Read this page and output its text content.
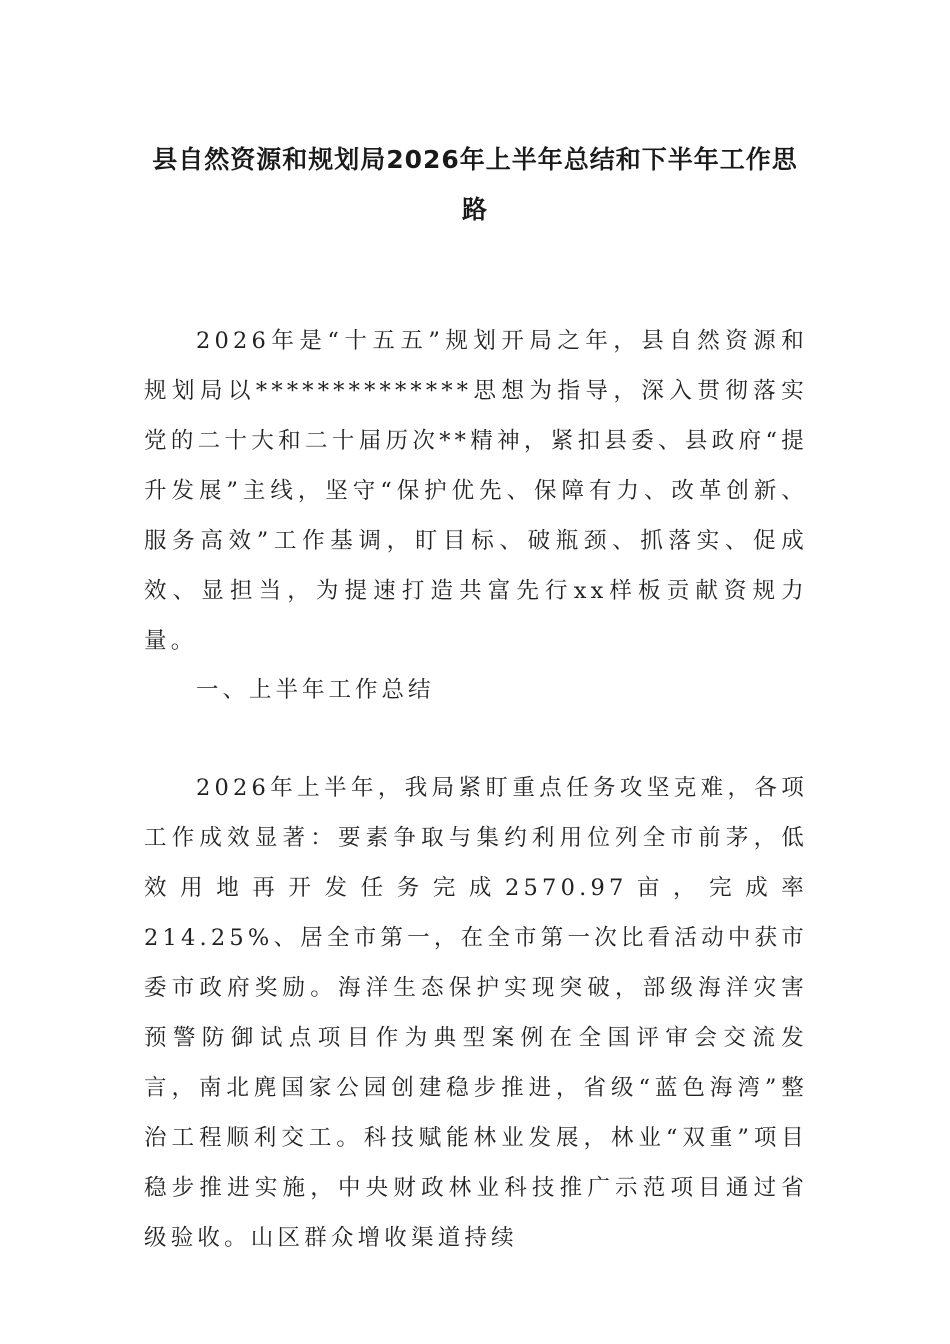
县自然资源和规划局2026年上半年总结和下半年工作思路

2026年是“十五五”规划开局之年，县自然资源和规划局以**************思想为指导，深入贯彻落实党的二十大和二十届历次**精神，紧扣县委、县政府“提升发展”主线，坚守“保护优先、保障有力、改革创新、服务高效”工作基调，盯目标、破瓶颈、抓落实、促成效、显担当，为提速打造共富先行xx样板贡献资规力量。

一、上半年工作总结

2026年上半年，我局紧盯重点任务攻坚克难，各项工作成效显著：要素争取与集约利用位列全市前茅，低效用地再开发任务完成2570.97亩，完成率214.25%、居全市第一，在全市第一次比看活动中获市委市政府奖励。海洋生态保护实现突破，部级海洋灾害预警防御试点项目作为典型案例在全国评审会交流发言，南北麂国家公园创建稳步推进，省级“蓝色海湾”整治工程顺利交工。科技赋能林业发展，林业“双重”项目稳步推进实施，中央财政林业科技推广示范项目通过省级验收。山区群众增收渠道持续
